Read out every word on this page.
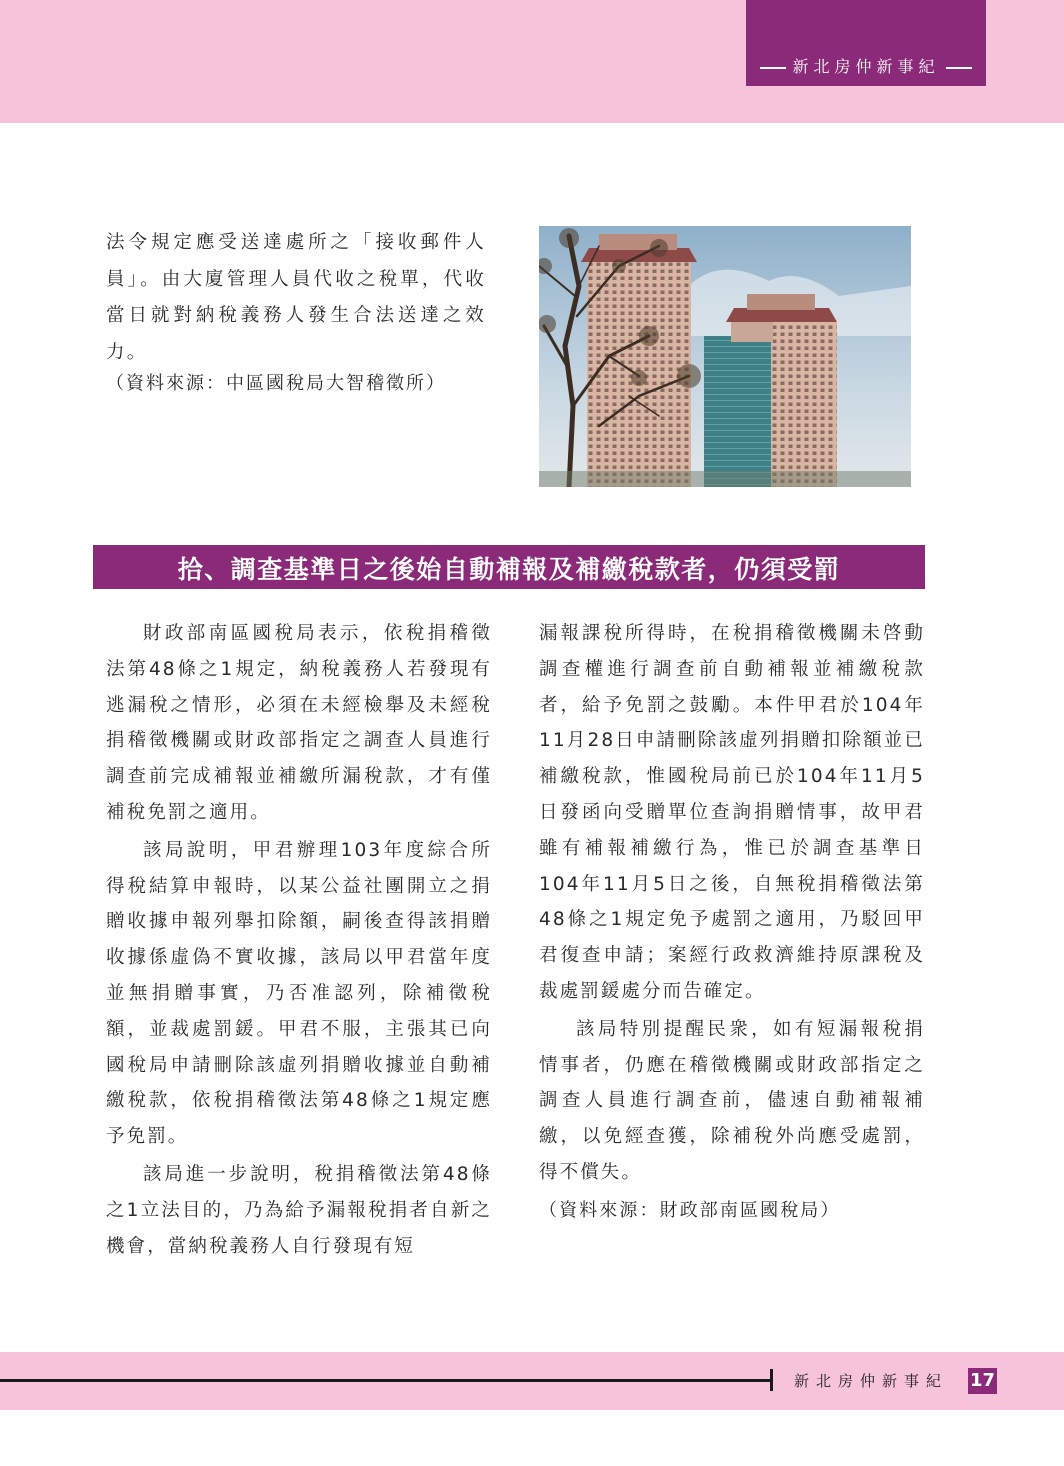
新北房仲新事紀

法令規定應受送達處所之「接收郵件人員」。由大廈管理人員代收之稅單，代收當日就對納稅義務人發生合法送達之效力。

（資料來源：中區國稅局大智稽徵所）
拾、調查基準日之後始自動補報及補繳稅款者，仍須受罰

財政部南區國稅局表示，依稅捐稽徵法第48條之1規定，納稅義務人若發現有逃漏稅之情形，必須在未經檢舉及未經稅捐稽徵機關或財政部指定之調查人員進行調查前完成補報並補繳所漏稅款，才有僅補稅免罰之適用。

該局說明，甲君辦理103年度綜合所得稅結算申報時，以某公益社團開立之捐贈收據申報列舉扣除額，嗣後查得該捐贈收據係虛偽不實收據，該局以甲君當年度並無捐贈事實，乃否准認列，除補徵稅額，並裁處罰鍰。甲君不服，主張其已向國稅局申請刪除該虛列捐贈收據並自動補繳稅款，依稅捐稽徵法第48條之1規定應予免罰。

該局進一步說明，稅捐稽徵法第48條之1立法目的，乃為給予漏報稅捐者自新之機會，當納稅義務人自行發現有短

漏報課稅所得時，在稅捐稽徵機關未啓動調查權進行調查前自動補報並補繳稅款者，給予免罰之鼓勵。本件甲君於104年11月28日申請刪除該虛列捐贈扣除額並已補繳稅款，惟國稅局前已於104年11月5日發函向受贈單位查詢捐贈情事，故甲君雖有補報補繳行為，惟已於調查基準日104年11月5日之後，自無稅捐稽徵法第48條之1規定免予處罰之適用，乃駁回甲君復查申請；案經行政救濟維持原課稅及裁處罰鍰處分而告確定。

該局特別提醒民衆，如有短漏報稅捐情事者，仍應在稽徵機關或財政部指定之調查人員進行調查前，儘速自動補報補繳，以免經查獲，除補稅外尚應受處罰，得不償失。

（資料來源：財政部南區國稅局）

新北房仲新事紀 17
